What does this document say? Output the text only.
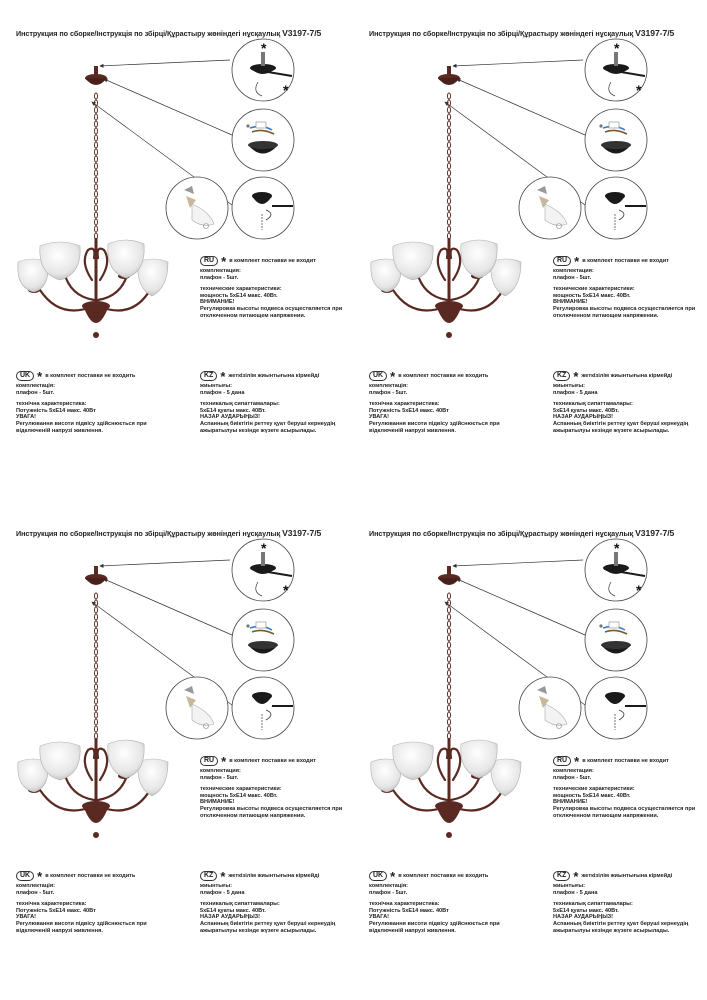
Инструкция по сборке/Інструкція по збірці/Құрастыру жөніндегі нұсқаулық V3197-7/5
*
*
RU * в комплект поставки не входит
комплектация:
плафон - 5шт.
технические характеристики:
мощность 5хЕ14 макс. 40Вт.
ВНИМАНИЕ!
Регулировка высоты подвеса осуществляется при отключенном питающем напряжении.
UK * в комплект поставки не входить
комплектація:
плафон - 5шт.
технічна характеристика:
Потужність 5хЕ14 макс. 40Вт
УВАГА!
Регулювання висоти підвісу здійснюється при відключеній напрузі живлення.
KZ * жеткізілім жиынтығына кірмейді
жиынтығы:
плафон - 5 дана
техникалық сипаттамалары:
5хЕ14 қуаты макс. 40Вт.
НАЗАР АУДАРЫҢЫЗ!
Аспанның биіктігін реттеу қуат беруші кернеудің ажыратылуы кезінде жүзеге асырылады.
Инструкция по сборке/Інструкція по збірці/Құрастыру жөніндегі нұсқаулық V3197-7/5
*
*
RU * в комплект поставки не входит
комплектация:
плафон - 5шт.
технические характеристики:
мощность 5хЕ14 макс. 40Вт.
ВНИМАНИЕ!
Регулировка высоты подвеса осуществляется при отключенном питающем напряжении.
UK * в комплект поставки не входить
комплектація:
плафон - 5шт.
технічна характеристика:
Потужність 5хЕ14 макс. 40Вт
УВАГА!
Регулювання висоти підвісу здійснюється при відключеній напрузі живлення.
KZ * жеткізілім жиынтығына кірмейді
жиынтығы:
плафон - 5 дана
техникалық сипаттамалары:
5хЕ14 қуаты макс. 40Вт.
НАЗАР АУДАРЫҢЫЗ!
Аспанның биіктігін реттеу қуат беруші кернеудің ажыратылуы кезінде жүзеге асырылады.
Инструкция по сборке/Інструкція по збірці/Құрастыру жөніндегі нұсқаулық V3197-7/5
*
*
RU * в комплект поставки не входит
комплектация:
плафон - 5шт.
технические характеристики:
мощность 5хЕ14 макс. 40Вт.
ВНИМАНИЕ!
Регулировка высоты подвеса осуществляется при отключенном питающем напряжении.
UK * в комплект поставки не входить
комплектація:
плафон - 5шт.
технічна характеристика:
Потужність 5хЕ14 макс. 40Вт
УВАГА!
Регулювання висоти підвісу здійснюється при відключеній напрузі живлення.
KZ * жеткізілім жиынтығына кірмейді
жиынтығы:
плафон - 5 дана
техникалық сипаттамалары:
5хЕ14 қуаты макс. 40Вт.
НАЗАР АУДАРЫҢЫЗ!
Аспанның биіктігін реттеу қуат беруші кернеудің ажыратылуы кезінде жүзеге асырылады.
Инструкция по сборке/Інструкція по збірці/Құрастыру жөніндегі нұсқаулық V3197-7/5
*
*
RU * в комплект поставки не входит
комплектация:
плафон - 5шт.
технические характеристики:
мощность 5хЕ14 макс. 40Вт.
ВНИМАНИЕ!
Регулировка высоты подвеса осуществляется при отключенном питающем напряжении.
UK * в комплект поставки не входить
комплектація:
плафон - 5шт.
технічна характеристика:
Потужність 5хЕ14 макс. 40Вт
УВАГА!
Регулювання висоти підвісу здійснюється при відключеній напрузі живлення.
KZ * жеткізілім жиынтығына кірмейді
жиынтығы:
плафон - 5 дана
техникалық сипаттамалары:
5хЕ14 қуаты макс. 40Вт.
НАЗАР АУДАРЫҢЫЗ!
Аспанның биіктігін реттеу қуат беруші кернеудің ажыратылуы кезінде жүзеге асырылады.
